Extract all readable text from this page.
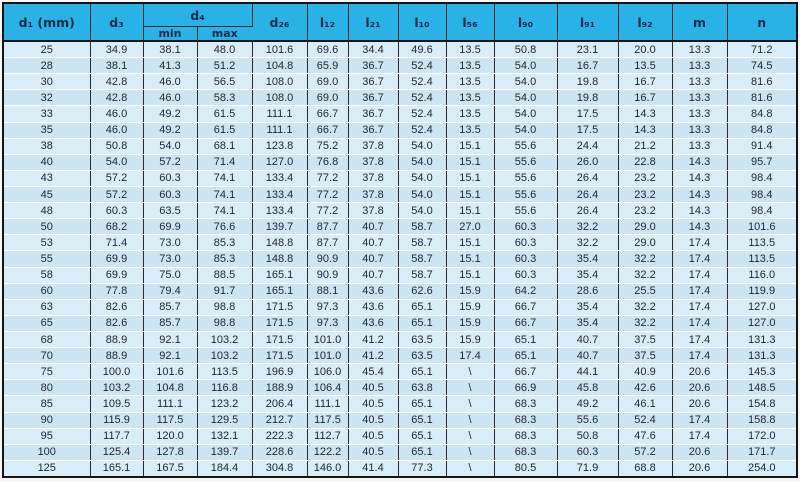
d₁ (mm)	d₃	d₄		d₂₆	l₁₂	l₂₁	l₁₀	l₅₆	l₉₀	l₉₁	l₉₂	m	n
		min	max										
25	34.9	38.1	48.0	101.6	69.6	34.4	49.6	13.5	50.8	23.1	20.0	13.3	71.2
28	38.1	41.3	51.2	104.8	65.9	36.7	52.4	13.5	54.0	16.7	13.5	13.3	74.5
30	42.8	46.0	56.5	108.0	69.0	36.7	52.4	13.5	54.0	19.8	16.7	13.3	81.6
32	42.8	46.0	58.3	108.0	69.0	36.7	52.4	13.5	54.0	19.8	16.7	13.3	81.6
33	46.0	49.2	61.5	111.1	66.7	36.7	52.4	13.5	54.0	17.5	14.3	13.3	84.8
35	46.0	49.2	61.5	111.1	66.7	36.7	52.4	13.5	54.0	17.5	14.3	13.3	84.8
38	50.8	54.0	68.1	123.8	75.2	37.8	54.0	15.1	55.6	24.4	21.2	13.3	91.4
40	54.0	57.2	71.4	127.0	76.8	37.8	54.0	15.1	55.6	26.0	22.8	14.3	95.7
43	57.2	60.3	74.1	133.4	77.2	37.8	54.0	15.1	55.6	26.4	23.2	14.3	98.4
45	57.2	60.3	74.1	133.4	77.2	37.8	54.0	15.1	55.6	26.4	23.2	14.3	98.4
48	60.3	63.5	74.1	133.4	77.2	37.8	54.0	15.1	55.6	26.4	23.2	14.3	98.4
50	68.2	69.9	76.6	139.7	87.7	40.7	58.7	27.0	60.3	32.2	29.0	14.3	101.6
53	71.4	73.0	85.3	148.8	87.7	40.7	58.7	15.1	60.3	32.2	29.0	17.4	113.5
55	69.9	73.0	85.3	148.8	90.9	40.7	58.7	15.1	60.3	35.4	32.2	17.4	113.5
58	69.9	75.0	88.5	165.1	90.9	40.7	58.7	15.1	60.3	35.4	32.2	17.4	116.0
60	77.8	79.4	91.7	165.1	88.1	43.6	62.6	15.9	64.2	28.6	25.5	17.4	119.9
63	82.6	85.7	98.8	171.5	97.3	43.6	65.1	15.9	66.7	35.4	32.2	17.4	127.0
65	82.6	85.7	98.8	171.5	97.3	43.6	65.1	15.9	66.7	35.4	32.2	17.4	127.0
68	88.9	92.1	103.2	171.5	101.0	41.2	63.5	15.9	65.1	40.7	37.5	17.4	131.3
70	88.9	92.1	103.2	171.5	101.0	41.2	63.5	17.4	65.1	40.7	37.5	17.4	131.3
75	100.0	101.6	113.5	196.9	106.0	45.4	65.1	\	66.7	44.1	40.9	20.6	145.3
80	103.2	104.8	116.8	188.9	106.4	40.5	63.8	\	66.9	45.8	42.6	20.6	148.5
85	109.5	111.1	123.2	206.4	111.1	40.5	65.1	\	68.3	49.2	46.1	20.6	154.8
90	115.9	117.5	129.5	212.7	117.5	40.5	65.1	\	68.3	55.6	52.4	17.4	158.8
95	117.7	120.0	132.1	222.3	112.7	40.5	65.1	\	68.3	50.8	47.6	17.4	172.0
100	125.4	127.8	139.7	228.6	122.2	40.5	65.1	\	68.3	60.3	57.2	20.6	171.7
125	165.1	167.5	184.4	304.8	146.0	41.4	77.3	\	80.5	71.9	68.8	20.6	254.0
